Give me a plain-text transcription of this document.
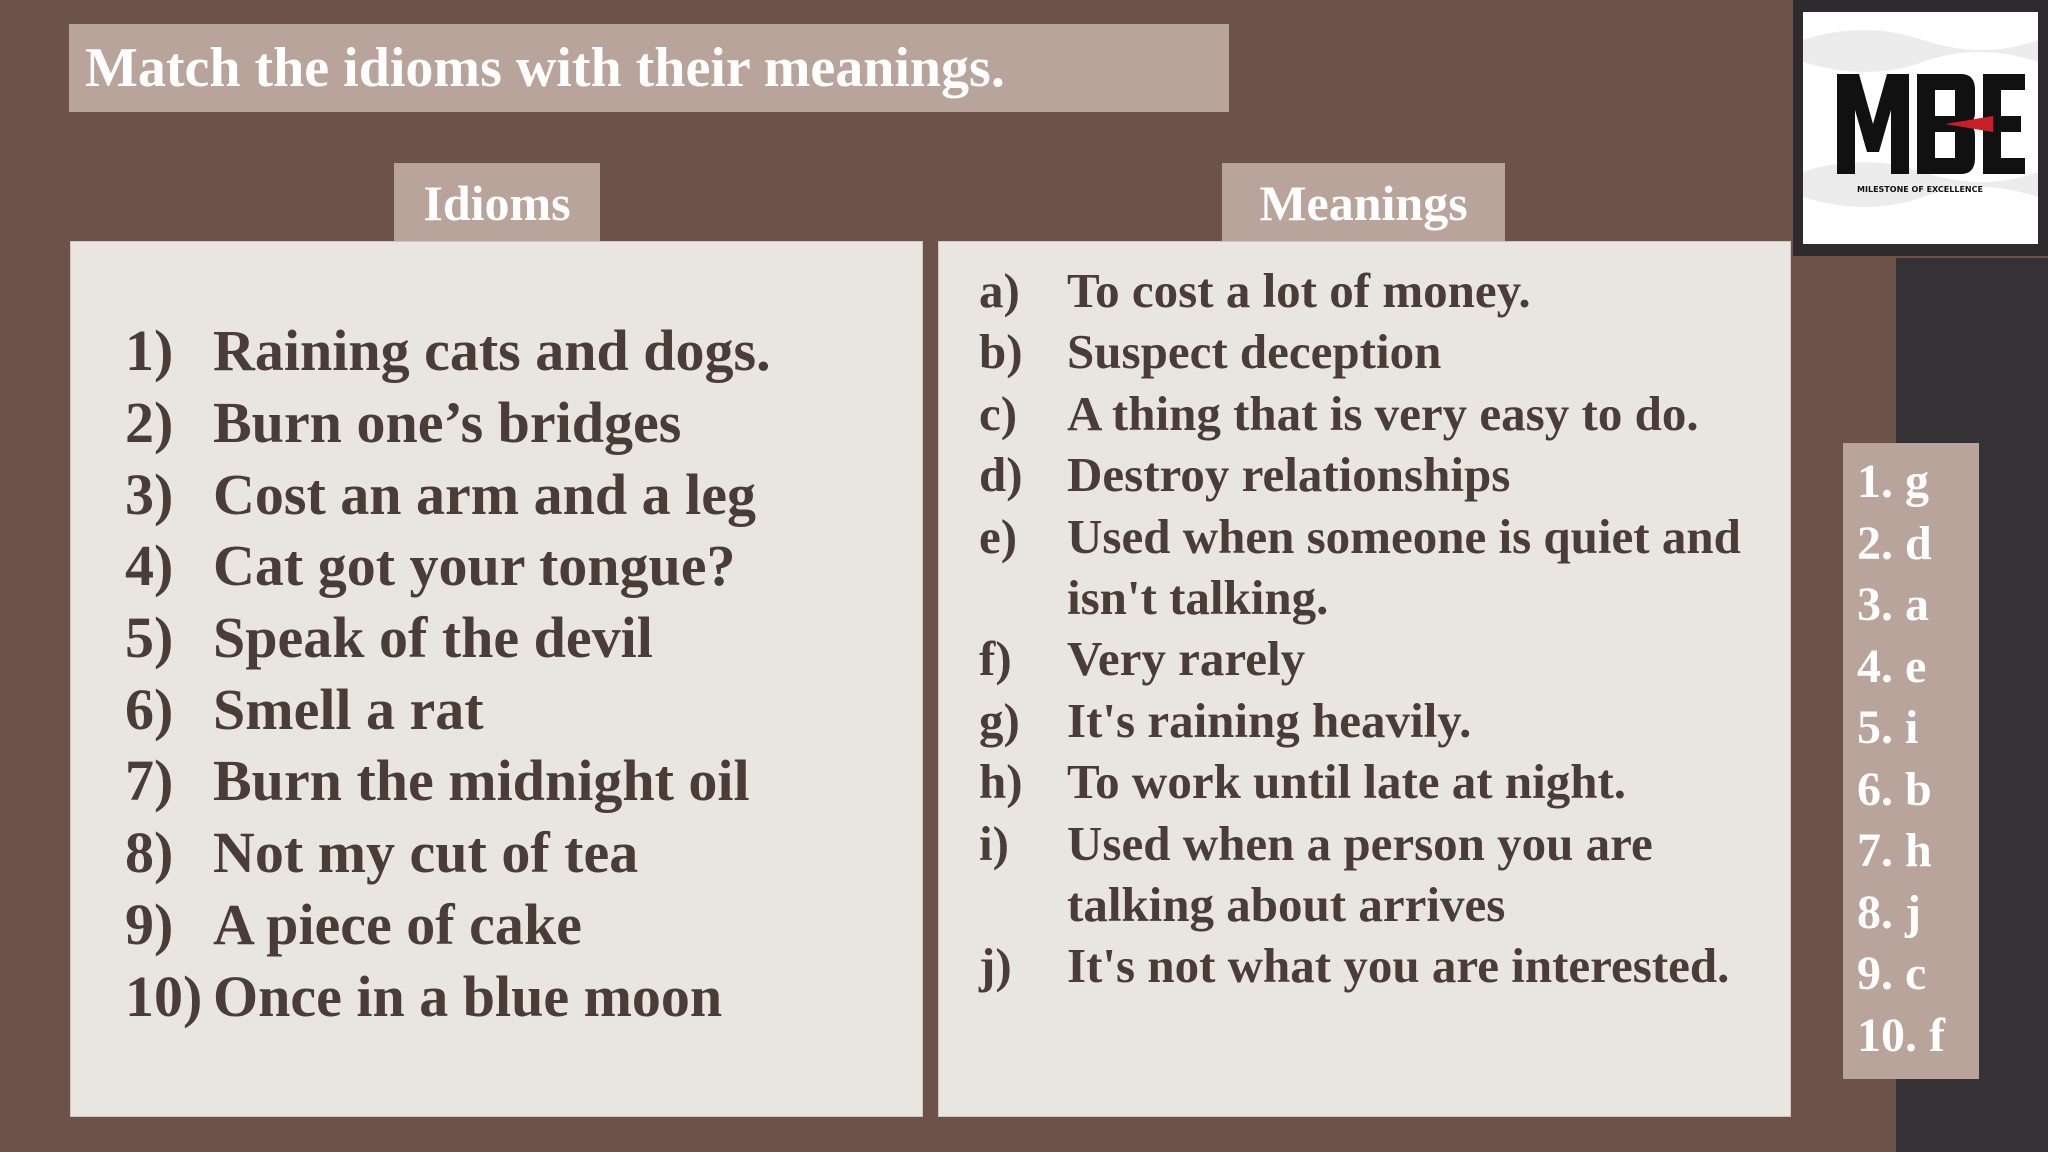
MILESTONE OF EXCELLENCE
Match the idioms with their meanings.
Idioms	Meanings
1) Raining cats and dogs.
2) Burn one’s bridges
3) Cost an arm and a leg
4) Cat got your tongue?
5) Speak of the devil
6) Smell a rat
7) Burn the midnight oil
8) Not my cut of tea
9) A piece of cake
10) Once in a blue moon
a) To cost a lot of money.
b) Suspect deception
c)	A thing that is very easy to do.
d) Destroy relationships
e)	Used when someone is quiet and isn't talking.
f)	Very rarely
g) It's raining heavily.
h) To work until late at night.
i)	Used when a person you are talking about arrives
j)	It's not what you are interested.
1. g
2. d
3. a
4. e
5. i
6. b
7. h
8. j
9. c
10. f
